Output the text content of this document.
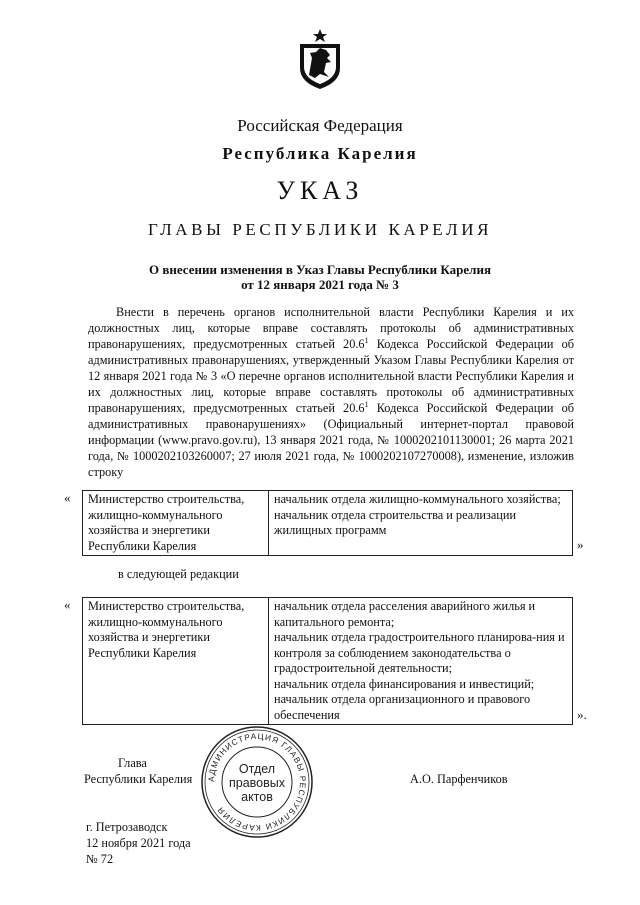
Российская Федерация
Республика Карелия
УКАЗ
ГЛАВЫ РЕСПУБЛИКИ КАРЕЛИЯ
О внесении изменения в Указ Главы Республики Карелия
от 12 января 2021 года № 3
Внести в перечень органов исполнительной власти Республики Карелия и их должностных лиц, которые вправе составлять протоколы об административных правонарушениях, предусмотренных статьей 20.6$^1$ Кодекса Российской Федерации об административных правонарушениях, утвержденный Указом Главы Республики Карелия от 12 января 2021 года № 3 «О перечне органов исполнительной власти Республики Карелия и их должностных лиц, которые вправе составлять протоколы об административных правонарушениях, предусмотренных статьей 20.6$^1$ Кодекса Российской Федерации об административных правонарушениях» (Официальный интернет-портал правовой информации (www.pravo.gov.ru), 13 января 2021 года, № 1000202101130001; 26 марта 2021 года, № 1000202103260007; 27 июля 2021 года, № 1000202107270008), изменение, изложив строку
« Министерство строительства, жилищно-коммунального хозяйства и энергетики Республики Карелия	
начальник отдела жилищно-коммунального хозяйства;
начальник отдела строительства и реализации жилищных программ
»
в следующей редакции
« Министерство строительства, жилищно-коммунального хозяйства и энергетики Республики Карелия	
начальник отдела расселения аварийного жилья и капитального ремонта;
начальник отдела градостроительного планирова-ния и контроля за соблюдением законодательства о градостроительной деятельности;
начальник отдела финансирования и инвестиций;
начальник отдела организационного и правового обеспечения	».
Глава
Республики Карелия	А.О. Парфенчиков
АДМИНИСТРАЦИЯ ГЛАВЫ РЕСПУБЛИКИ КАРЕЛИЯ
Отдел
правовых
актов
г. Петрозаводск
12 ноября 2021 года
№ 72
